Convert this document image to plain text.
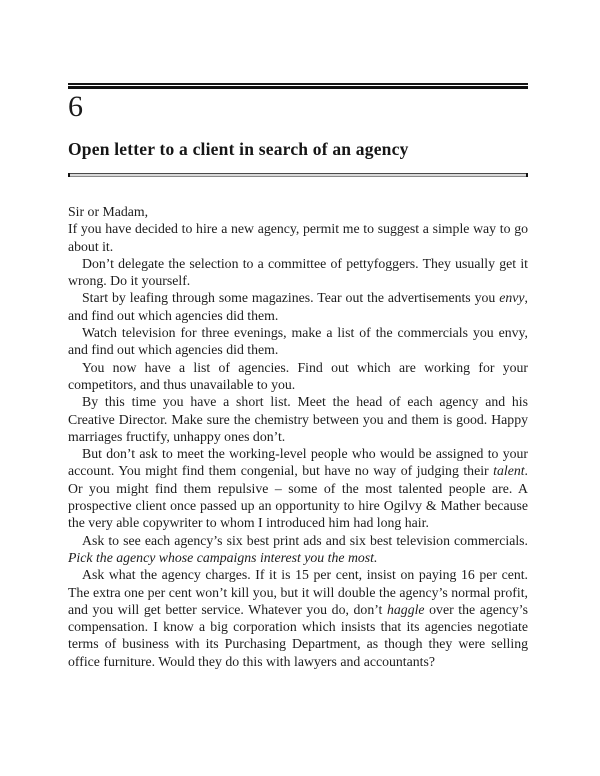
6
Open letter to a client in search of an agency

Sir or Madam,

If you have decided to hire a new agency, permit me to suggest a simple way to go about it.

Don’t delegate the selection to a committee of pettyfoggers. They usually get it wrong. Do it yourself.

Start by leafing through some magazines. Tear out the advertisements you envy, and find out which agencies did them.

Watch television for three evenings, make a list of the commercials you envy, and find out which agencies did them.

You now have a list of agencies. Find out which are working for your competitors, and thus unavailable to you.

By this time you have a short list. Meet the head of each agency and his Creative Director. Make sure the chemistry between you and them is good. Happy marriages fructify, unhappy ones don’t.

But don’t ask to meet the working-level people who would be assigned to your account. You might find them congenial, but have no way of judging their talent. Or you might find them repulsive – some of the most talented people are. A prospective client once passed up an opportunity to hire Ogilvy & Mather because the very able copywriter to whom I introduced him had long hair.

Ask to see each agency’s six best print ads and six best television commercials. Pick the agency whose campaigns interest you the most.

Ask what the agency charges. If it is 15 per cent, insist on paying 16 per cent. The extra one per cent won’t kill you, but it will double the agency’s normal profit, and you will get better service. Whatever you do, don’t haggle over the agency’s compensation. I know a big corporation which insists that its agencies negotiate terms of business with its Purchasing Department, as though they were selling office furniture. Would they do this with lawyers and accountants?
